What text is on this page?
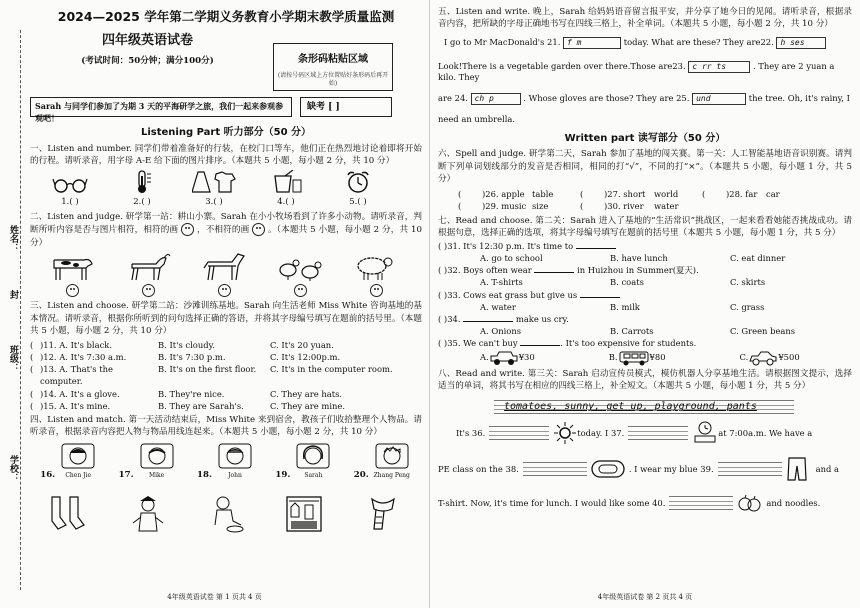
姓名：
封
班级：
学校：
2024—2025 学年第二学期义务教育小学期末教学质量监测
四年级英语试卷
(考试时间：50分钟；满分100分)	条形码粘贴区域
(请按号码区域上方位置贴好条形码后再开始)
Sarah 与同学们参加了为期 3 天的平海研学之旅，我们一起来参观参观吧！
缺考 [ ]
Listening Part 听力部分（50 分）
一、Listen and number. 同学们带着准备好的行装，在校门口等车，他们正在热烈地讨论着即将开始的行程。请听录音，用字母 A-E 给下面的图片排序。（本题共 5 小题，每小题 2 分，共 10 分）
1.( )	2.( )	3.( )	4.( )	5.( )
二、Listen and judge. 研学第一站：耕山小寨。Sarah 在小小牧场看到了许多小动物。请听录音，判断所听内容是否与图片相符，相符的画 ，不相符的画 。（本题共 5 小题，每小题 2 分，共 10 分）
三、Listen and choose. 研学第二站：沙滩训练基地。Sarah 向生活老师 Miss White 咨询基地的基本情况。请听录音，根据你所听到的问句选择正确的答语，并将其字母编号填写在题前的括号里。（本题共 5 小题，每小题 2 分，共 10 分）
( )11. A. It's black.	B. It's cloudy.	C. It's 20 yuan.
( )12. A. It's 7:30 a.m.	B. It's 7:30 p.m.	C. It's 12:00p.m.
( )13. A. That's the computer.
B. It's on the first floor.	C. It's in the computer room.
( )14. A. It's a glove.	B. They're nice.	C. They are hats.
( )15. A. It's mine.	B. They are Sarah's.	C. They are mine.
四、Listen and match. 第一天活动结束后，Miss White 来到宿舍，教孩子们收拾整理个人物品。请听录音，根据录音内容把人物与物品用线连起来。（本题共 5 小题，每小题 2 分，共 10 分）
16.	Chen Jie	17.	Mike	18.	John	19.	Sarah	20. Zhang Peng
4年级英语试卷 第 1 页共 4 页
五、Listen and write. 晚上，Sarah 给妈妈语音留言报平安，并分享了她今日的见闻。请听录音，根据录音内容，把所缺的字母正确地书写在四线三格上，补全单词。（本题共 5 小题，每小题 2 分，共 10 分）
I go to Mr MacDonald's 21. f m	today. What are these? They are22. h ses
Look!There is a vegetable garden over there.Those are23. c rr ts	. They are 2 yuan a kilo. They
are 24. ch p	. Whose gloves are those? They are 25. und	the tree. Oh, it's rainy, I
need an umbrella.
Written part 读写部分（50 分）
六、Spell and judge. 研学第二天，Sarah 参加了基地的闯关赛。第一关：人工智能基地语音识别赛。请判断下列单词划线部分的发音是否相同，相同的打“√”，不同的打“×”。（本题共 5 小题，每小题 1 分，共 5 分）
(	)26. apple table	(	)27. short	world	(	)28. far	car
(	)29. music size	(	)30. river	water
七、Read and choose. 第二关：Sarah 进入了基地的“生活常识”挑战区，一起来看看她能否挑战成功。请根据句意，选择正确的选项，将其字母编号填写在题前的括号里（本题共 5 小题，每小题 1 分，共 5 分）
( )31. It's 12:30 p.m. It's time to
A. go to school	B. have lunch	C. eat dinner
( )32. Boys often wear	in Huizhou in Summer(夏天).
A. T-shirts	B. coats	C. skirts
( )33. Cows eat grass but give us
A. water	B. milk	C. grass
( )34.	make us cry.
A. Onions	B. Carrots	C. Green beans
( )35. We can't buy	. It's too expensive for students.
A.	¥30	B.	¥80	C.	¥500
八、Read and write. 第三关：Sarah 启动宣传员模式，模仿机器人分享基地生活。请根据图文提示，选择适当的单词，将其书写在相应的四线三格上，补全短文。（本题共 5 小题，每小题 1 分，共 5 分）
tomatoes, sunny, get up, playground, pants
It's 36.	today. I 37.	at 7:00a.m. We have a
PE class on the 38.	. I wear my blue 39.	and a
T-shirt. Now, it's time for lunch. I would like some 40.	and noodles.
4年级英语试卷 第 2 页共 4 页
